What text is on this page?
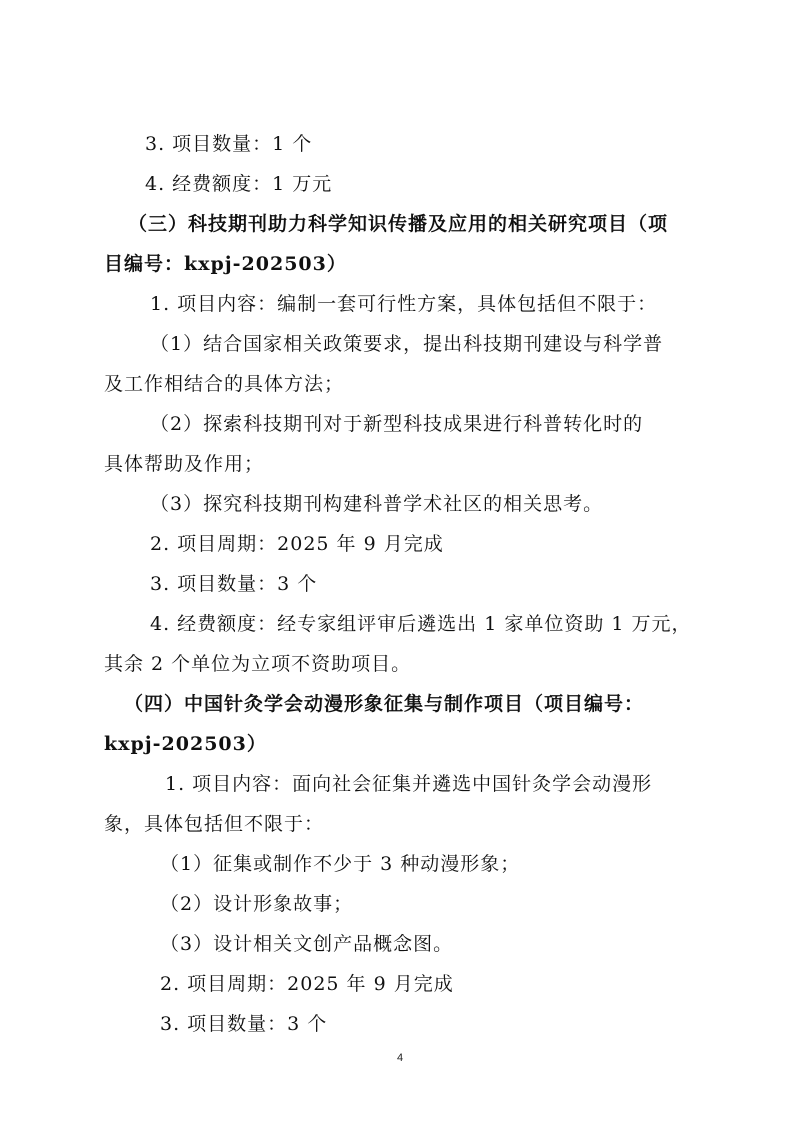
3. 项目数量：1 个
4. 经费额度：1 万元
（三）科技期刊助力科学知识传播及应用的相关研究项目（项
目编号：kxpj-202503）
1. 项目内容：编制一套可行性方案，具体包括但不限于：
（1）结合国家相关政策要求，提出科技期刊建设与科学普
及工作相结合的具体方法；
（2）探索科技期刊对于新型科技成果进行科普转化时的
具体帮助及作用；
（3）探究科技期刊构建科普学术社区的相关思考。
2. 项目周期：2025 年 9 月完成
3. 项目数量：3 个
4. 经费额度：经专家组评审后遴选出 1 家单位资助 1 万元，
其余 2 个单位为立项不资助项目。
（四）中国针灸学会动漫形象征集与制作项目（项目编号：
kxpj-202503）
1. 项目内容：面向社会征集并遴选中国针灸学会动漫形
象，具体包括但不限于：
（1）征集或制作不少于 3 种动漫形象；
（2）设计形象故事；
（3）设计相关文创产品概念图。
2. 项目周期：2025 年 9 月完成
3. 项目数量：3 个
4
